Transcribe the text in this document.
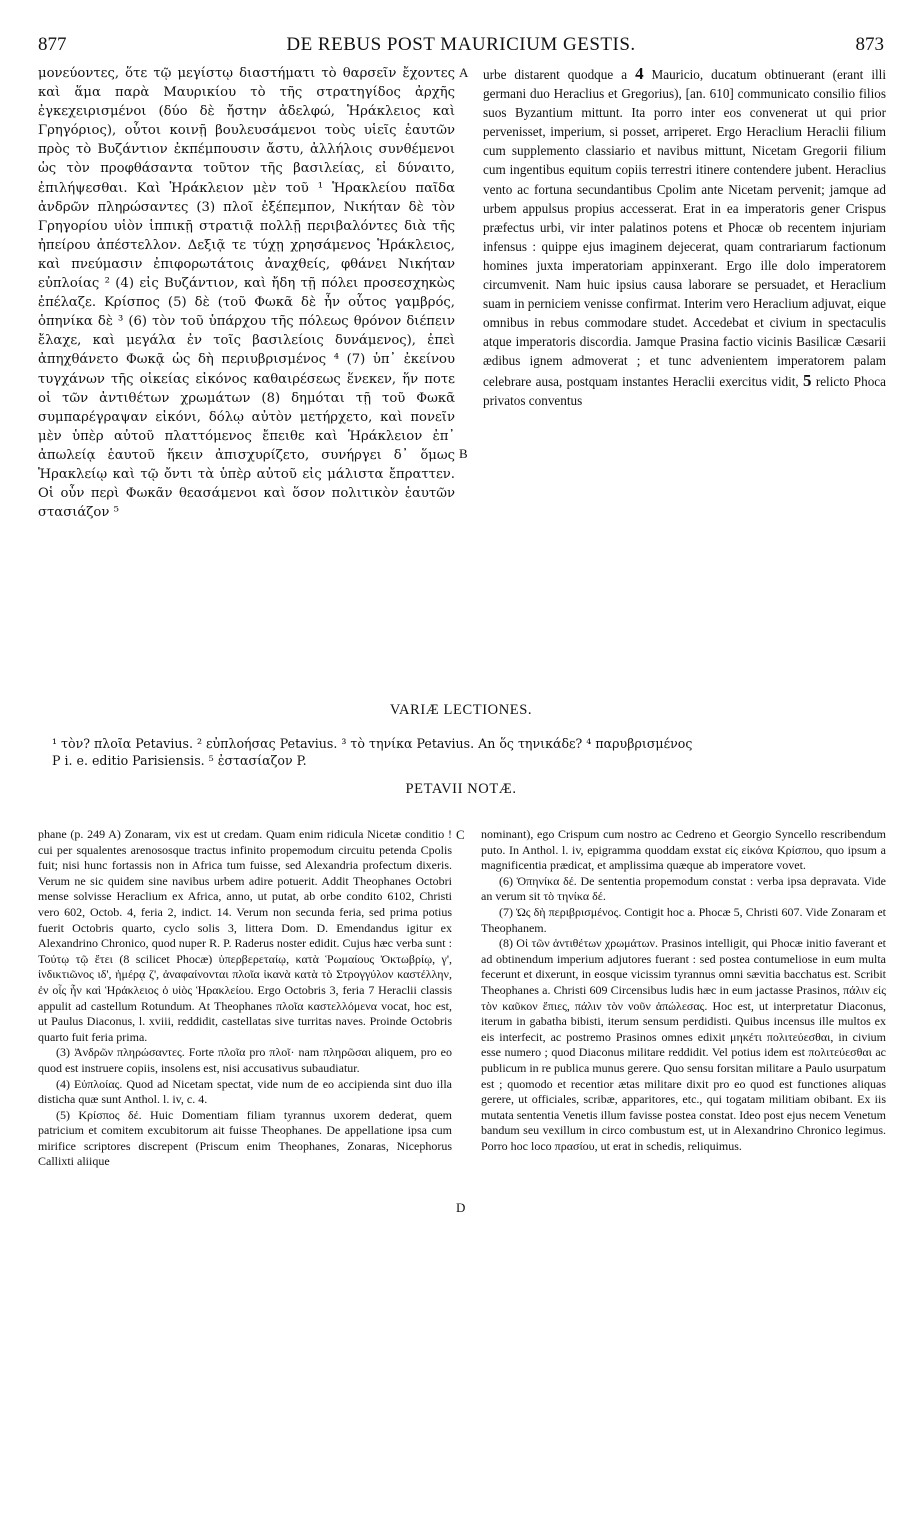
877	DE REBUS POST MAURICIUM GESTIS.	873

μονεύοντες, ὅτε τῷ μεγίστῳ διαστήματι τὸ θαρσεῖν ἔχοντες καὶ ἅμα παρὰ Μαυρικίου τὸ τῆς στρατηγίδος ἀρχῆς ἐγκεχειρισμένοι (δύο δὲ ἤστην ἀδελφώ, Ἡράκλειος καὶ Γρηγόριος), οὗτοι κοινῇ βουλευσάμενοι τοὺς υἱεῖς ἑαυτῶν πρὸς τὸ Βυζάντιον ἐκπέμπουσιν ἄστυ, ἀλλήλοις συνθέμενοι ὡς τὸν προφθάσαντα τοῦτον τῆς βασιλείας, εἰ δύναιτο, ἐπιλήψεσθαι. Καὶ Ἡράκλειον μὲν τοῦ ¹ Ἡρακλείου παῖδα ἀνδρῶν πληρώσαντες (3) πλοῖ ἐξέπεμπον, Νικήταν δὲ τὸν Γρηγορίου υἱὸν ἱππικῇ στρατιᾷ πολλῇ περιβαλόντες διὰ τῆς ἠπείρου ἀπέστελλον. Δεξιᾷ τε τύχῃ χρησάμενος Ἡράκλειος, καὶ πνεύμασιν ἐπιφορωτάτοις ἀναχθείς, φθάνει Νικήταν εὐπλοίας ² (4) εἰς Βυζάντιον, καὶ ἤδη τῇ πόλει προσεσχηκὼς ἐπέλαζε. Κρίσπος (5) δὲ (τοῦ Φωκᾶ δὲ ἦν οὗτος γαμβρός, ὁπηνίκα δὲ ³ (6) τὸν τοῦ ὑπάρχου τῆς πόλεως θρόνον διέπειν ἔλαχε, καὶ μεγάλα ἐν τοῖς βασιλείοις δυνάμενος), ἐπεὶ ἀπηχθάνετο Φωκᾷ ὡς δὴ περιυβρισμένος ⁴ (7) ὑπ᾿ ἐκείνου τυγχάνων τῆς οἰκείας εἰκόνος καθαιρέσεως ἕνεκεν, ἥν ποτε οἱ τῶν ἀντιθέτων χρωμάτων (8) δημόται τῇ τοῦ Φωκᾶ συμπαρέγραψαν εἰκόνι, δόλῳ αὐτὸν μετήρχετο, καὶ πονεῖν μὲν ὑπὲρ αὐτοῦ πλαττόμενος ἔπειθε καὶ Ἡράκλειον ἐπ᾿ ἀπωλείᾳ ἑαυτοῦ ἥκειν ἀπισχυρίζετο, συνήργει δ᾿ ὅμως Ἡρακλείῳ καὶ τῷ ὄντι τὰ ὑπὲρ αὐτοῦ εἰς μάλιστα ἔπραττεν. Οἱ οὖν περὶ Φωκᾶν θεασάμενοι καὶ ὅσον πολιτικὸν ἑαυτῶν στασιάζον ⁵

A
B

urbe distarent quodque a 4 Mauricio, ducatum obtinuerant (erant illi germani duo Heraclius et Gregorius), [an. 610] communicato consilio filios suos Byzantium mittunt. Ita porro inter eos convenerat ut qui prior pervenisset, imperium, si posset, arriperet. Ergo Heraclium Heraclii filium cum supplemento classiario et navibus mittunt, Nicetam Gregorii filium cum ingentibus equitum copiis terrestri itinere contendere jubent. Heraclius vento ac fortuna secundantibus Cpolim ante Nicetam pervenit; jamque ad urbem appulsus propius accesserat. Erat in ea imperatoris gener Crispus præfectus urbi, vir inter palatinos potens et Phocæ ob recentem injuriam infensus : quippe ejus imaginem dejecerat, quam contrariarum factionum homines juxta imperatoriam appinxerant. Ergo ille dolo imperatorem circumvenit. Nam huic ipsius causa laborare se persuadet, et Heraclium suam in perniciem venisse confirmat. Interim vero Heraclium adjuvat, eique omnibus in rebus commodare studet. Accedebat et civium in spectaculis atque imperatoris discordia. Jamque Prasina factio vicinis Basilicæ Cæsarii ædibus ignem admoverat ; et tunc advenientem imperatorem palam celebrare ausa, postquam instantes Heraclii exercitus vidit, 5 relicto Phoca privatos conventus

VARIÆ LECTIONES.
¹ τὸν? πλοῖα Petavius. ² εὐπλοήσας Petavius. ³ τὸ τηνίκα Petavius. An ὅς τηνικάδε? ⁴ παρυβρισμένος
P i. e. editio Parisiensis. ⁵ ἐστασίαζον P.
PETAVII NOTÆ.

phane (p. 249 A) Zonaram, vix est ut credam. Quam enim ridicula Nicetæ conditio ! cui per squalentes arenososque tractus infinito propemodum circuitu petenda Cpolis fuit; nisi hunc fortassis non in Africa tum fuisse, sed Alexandria profectum dixeris. Verum ne sic quidem sine navibus urbem adire potuerit. Addit Theophanes Octobri mense solvisse Heraclium ex Africa, anno, ut putat, ab orbe condito 6102, Christi vero 602, Octob. 4, feria 2, indict. 14. Verum non secunda feria, sed prima potius fuerit Octobris quarto, cyclo solis 3, littera Dom. D. Emendandus igitur ex Alexandrino Chronico, quod nuper R. P. Raderus noster edidit. Cujus hæc verba sunt : Τούτῳ τῷ ἔτει (8 scilicet Phocæ) ὑπερβερεταίῳ, κατὰ Ῥωμαίους Ὀκτωβρίῳ, γ', ἰνδικτιῶνος ιδ', ἡμέρᾳ ζ', ἀναφαίνονται πλοῖα ἱκανὰ κατὰ τὸ Στρογγύλον καστέλλην, ἐν οἷς ἦν καὶ Ἡράκλειος ὁ υἱὸς Ἡρακλείου. Ergo Octobris 3, feria 7 Heraclii classis appulit ad castellum Rotundum. At Theophanes πλοῖα καστελλόμενα vocat, hoc est, ut Paulus Diaconus, l. xviii, reddidit, castellatas sive turritas naves. Proinde Octobris quarto fuit feria prima.

(3) Ἀνδρῶν πληρώσαντες. Forte πλοῖα pro πλοῖ· nam πληρῶσαι aliquem, pro eo quod est instruere copiis, insolens est, nisi accusativus subaudiatur.

(4) Εὐπλοίας. Quod ad Nicetam spectat, vide num de eo accipienda sint duo illa disticha quæ sunt Anthol. l. iv, c. 4.

(5) Κρίσπος δέ. Huic Domentiam filiam tyrannus uxorem dederat, quem patricium et comitem excubitorum ait fuisse Theophanes. De appellatione ipsa cum mirifice scriptores discrepent (Priscum enim Theophanes, Zonaras, Nicephorus Callixti aliique

C
D

nominant), ego Crispum cum nostro ac Cedreno et Georgio Syncello rescribendum puto. In Anthol. l. iv, epigramma quoddam exstat εἰς εἰκόνα Κρίσπου, quo ipsum a magnificentia prædicat, et amplissima quæque ab imperatore vovet.

(6) Ὁπηνίκα δέ. De sententia propemodum constat : verba ipsa depravata. Vide an verum sit τὸ τηνίκα δέ.

(7) Ὡς δὴ περιβρισμένος. Contigit hoc a. Phocæ 5, Christi 607. Vide Zonaram et Theophanem.

(8) Οἱ τῶν ἀντιθέτων χρωμάτων. Prasinos intelligit, qui Phocæ initio faverant et ad obtinendum imperium adjutores fuerant : sed postea contumeliose in eum multa fecerunt et dixerunt, in eosque vicissim tyrannus omni sævitia bacchatus est. Scribit Theophanes a. Christi 609 Circensibus ludis hæc in eum jactasse Prasinos, πάλιν εἰς τὸν καῦκον ἔπιες, πάλιν τὸν νοῦν ἀπώλεσας. Hoc est, ut interpretatur Diaconus, iterum in gabatha bibisti, iterum sensum perdidisti. Quibus incensus ille multos ex eis interfecit, ac postremo Prasinos omnes edixit μηκέτι πολιτεύεσθαι, in civium esse numero ; quod Diaconus militare reddidit. Vel potius idem est πολιτεύεσθαι ac publicum in re publica munus gerere. Quo sensu forsitan militare a Paulo usurpatum est ; quomodo et recentior ætas militare dixit pro eo quod est functiones aliquas gerere, ut officiales, scribæ, apparitores, etc., qui togatam militiam obibant. Ex iis mutata sententia Venetis illum favisse postea constat. Ideo post ejus necem Venetum bandum seu vexillum in circo combustum est, ut in Alexandrino Chronico legimus. Porro hoc loco πρασίου, ut erat in schedis, reliquimus.
